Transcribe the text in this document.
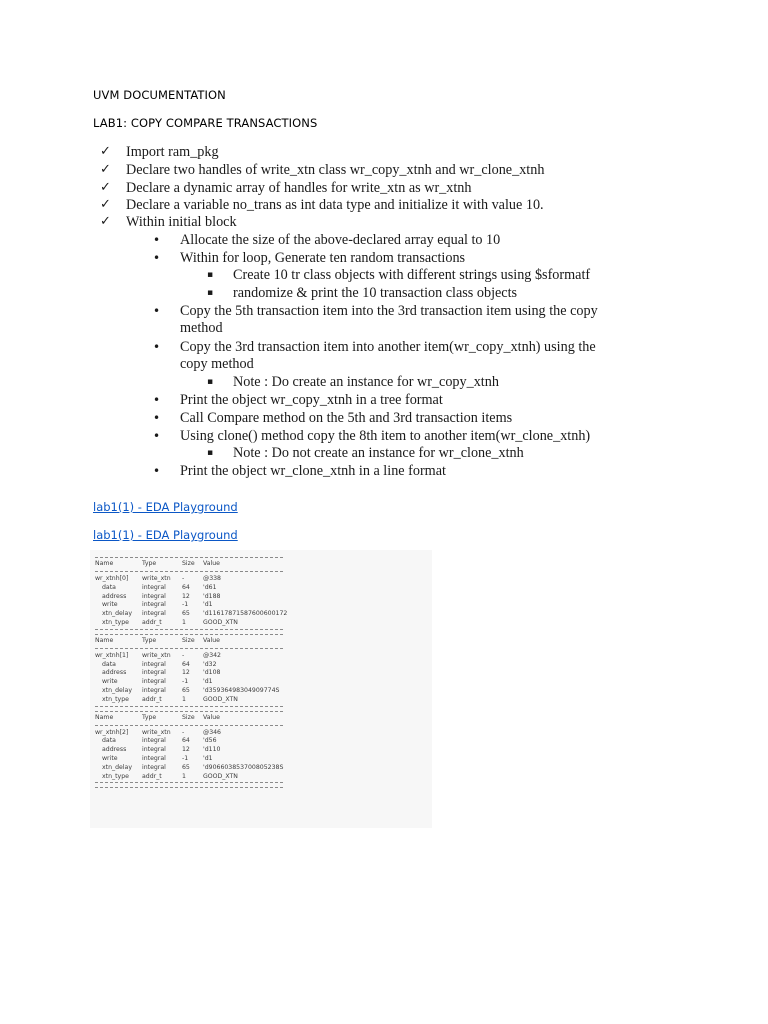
UVM DOCUMENTATION
LAB1: COPY COMPARE TRANSACTIONS
Import ram_pkg
✓
Declare two handles of write_xtn class wr_copy_xtnh and wr_clone_xtnh
✓
Declare a dynamic array of handles for write_xtn as wr_xtnh
✓
Declare a variable no_trans as int data type and initialize it with value 10.
✓
Within initial block
✓
Allocate the size of the above-declared array equal to 10
•
Within for loop, Generate ten random transactions
•
Create 10 tr class objects with different strings using $sformatf
▪
randomize & print the 10 transaction class objects
▪
Copy the 5th transaction item into the 3rd transaction item using the copy
•
method
Copy the 3rd transaction item into another item(wr_copy_xtnh) using the
•
copy method
Note : Do create an instance for wr_copy_xtnh
▪
Print the object wr_copy_xtnh in a tree format
•
Call Compare method on the 5th and 3rd transaction items
•
Using clone() method copy the 8th item to another item(wr_clone_xtnh)
•
Note : Do not create an instance for wr_clone_xtnh
▪
Print the object wr_clone_xtnh in a line format
•
lab1(1) - EDA Playground
lab1(1) - EDA Playground
Name	Type	Size Value
wr_xtnh[0] write_xtn -	@338
data	integral	64 'd61
address	integral	12 'd188
write	integral	-1 'd1
xtn_delay integral	65 'd11617871587600600172
xtn_type addr_t	1	GOOD_XTN
Name	Type	Size Value
wr_xtnh[1] write_xtn -	@342
data	integral	64 'd32
address	integral	12 'd108
write	integral	-1 'd1
xtn_delay integral	65 'd35936498304909774S
xtn_type addr_t	1	GOOD_XTN
Name	Type	Size Value
wr_xtnh[2] write_xtn -	@346
data	integral	64 'd56
address	integral	12 'd110
write	integral	-1 'd1
xtn_delay integral	65 'd906603853700805238S
xtn_type addr_t	1	GOOD_XTN
